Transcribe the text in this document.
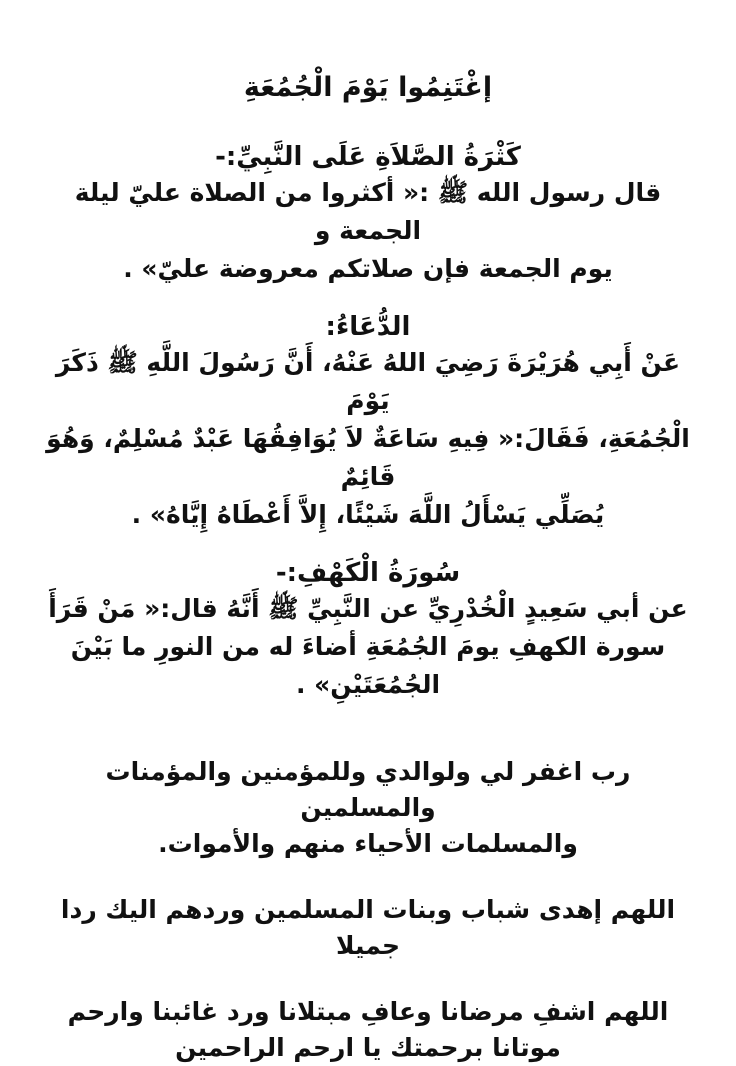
إغْتَنِمُوا يَوْمَ الْجُمُعَةِ

كَثْرَةُ الصَّلاَةِ عَلَى النَّبِيِّ:-

قال رسول الله ﷺ :« أكثروا من الصلاة عليّ ليلة الجمعة و
يوم الجمعة فإن صلاتكم معروضة عليّ» .

الدُّعَاءُ:

عَنْ أَبِي هُرَيْرَةَ رَضِيَ اللهُ عَنْهُ، أَنَّ رَسُولَ اللَّهِ ﷺ ذَكَرَ يَوْمَ
الْجُمُعَةِ، فَقَالَ:« فِيهِ سَاعَةٌ لاَ يُوَافِقُهَا عَبْدٌ مُسْلِمٌ، وَهُوَ قَائِمٌ
يُصَلِّي يَسْأَلُ اللَّهَ شَيْئًا، إِلاَّ أَعْطَاهُ إِيَّاهُ» .

سُورَةُ الْكَهْفِ:-

عن أبي سَعِيدٍ الْخُدْرِيِّ عن النَّبِيِّ ﷺ أَنَّهُ قال:« مَنْ قَرَأَ
سورة الكهفِ يومَ الجُمُعَةِ أضاءَ له من النورِ ما بَيْنَ
الجُمُعَتَيْنِ» .

رب اغفر لي ولوالدي وللمؤمنين والمؤمنات والمسلمين
والمسلمات الأحياء منهم والأموات.

اللهم إهدى شباب وبنات المسلمين وردهم اليك ردا جميلا

اللهم اشفِ مرضانا وعافِ مبتلانا ورد غائبنا وارحم
موتانا برحمتك يا ارحم الراحمين
